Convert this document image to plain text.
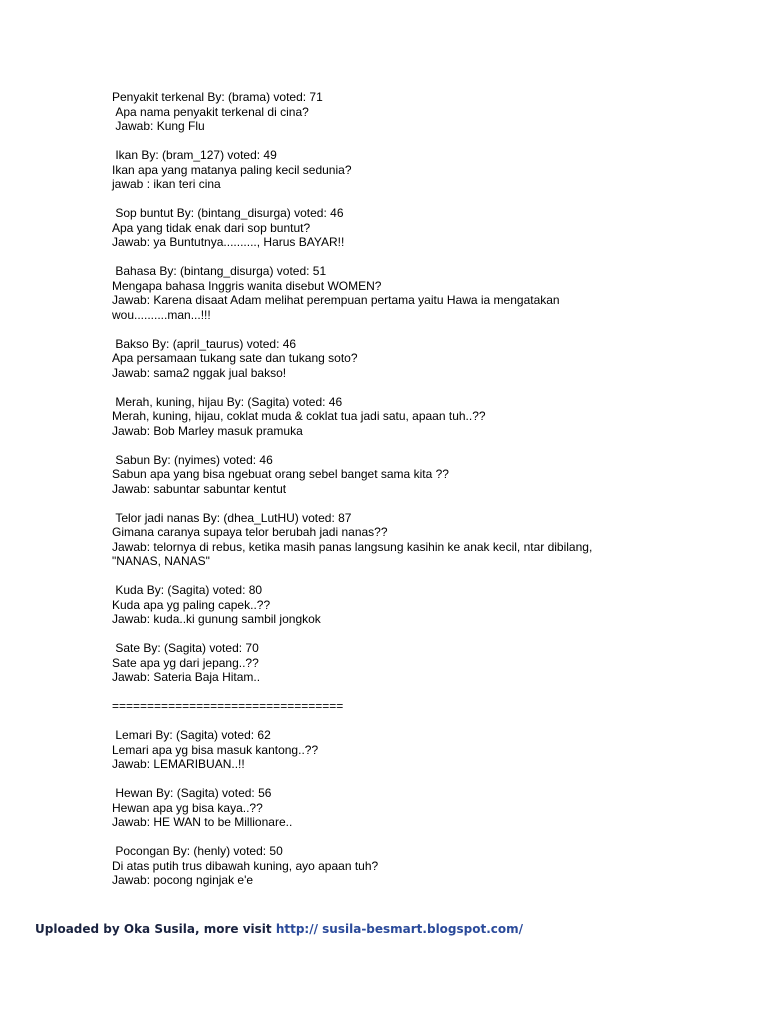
Penyakit terkenal By: (brama) voted: 71
Apa nama penyakit terkenal di cina?
Jawab: Kung Flu
Ikan By: (bram_127) voted: 49
Ikan apa yang matanya paling kecil sedunia?
jawab : ikan teri cina
Sop buntut By: (bintang_disurga) voted: 46
Apa yang tidak enak dari sop buntut?
Jawab: ya Buntutnya.........., Harus BAYAR!!
Bahasa By: (bintang_disurga) voted: 51
Mengapa bahasa Inggris wanita disebut WOMEN?
Jawab: Karena disaat Adam melihat perempuan pertama yaitu Hawa ia mengatakan
wou..........man...!!!
Bakso By: (april_taurus) voted: 46
Apa persamaan tukang sate dan tukang soto?
Jawab: sama2 nggak jual bakso!
Merah, kuning, hijau By: (Sagita) voted: 46
Merah, kuning, hijau, coklat muda & coklat tua jadi satu, apaan tuh..??
Jawab: Bob Marley masuk pramuka
Sabun By: (nyimes) voted: 46
Sabun apa yang bisa ngebuat orang sebel banget sama kita ??
Jawab: sabuntar sabuntar kentut
Telor jadi nanas By: (dhea_LutHU) voted: 87
Gimana caranya supaya telor berubah jadi nanas??
Jawab: telornya di rebus, ketika masih panas langsung kasihin ke anak kecil, ntar dibilang,
"NANAS, NANAS"
Kuda By: (Sagita) voted: 80
Kuda apa yg paling capek..??
Jawab: kuda..ki gunung sambil jongkok
Sate By: (Sagita) voted: 70
Sate apa yg dari jepang..??
Jawab: Sateria Baja Hitam..
=================================
Lemari By: (Sagita) voted: 62
Lemari apa yg bisa masuk kantong..??
Jawab: LEMARIBUAN..!!
Hewan By: (Sagita) voted: 56
Hewan apa yg bisa kaya..??
Jawab: HE WAN to be Millionare..
Pocongan By: (henly) voted: 50
Di atas putih trus dibawah kuning, ayo apaan tuh?
Jawab: pocong nginjak e'e
Uploaded by Oka Susila, more visit http:// susila-besmart.blogspot.com/
